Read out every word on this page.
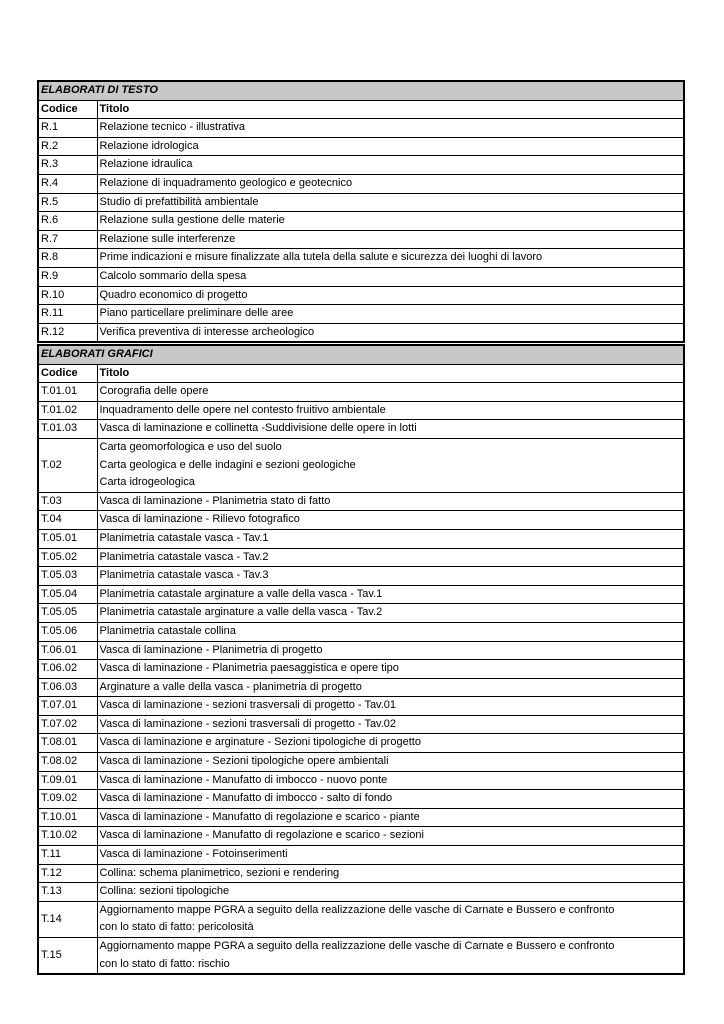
ELABORATI DI TESTO	
Codice	Titolo
R.1	Relazione tecnico - illustrativa
R.2	Relazione idrologica
R.3	Relazione idraulica
R.4	Relazione di inquadramento geologico e geotecnico
R.5	Studio di prefattibilità ambientale
R.6	Relazione sulla gestione delle materie
R.7	Relazione sulle interferenze
R.8	Prime indicazioni e misure finalizzate alla tutela della salute e sicurezza dei luoghi di lavoro
R.9	Calcolo sommario della spesa
R.10	Quadro economico di progetto
R.11	Piano particellare preliminare delle aree
R.12	Verifica preventiva di interesse archeologico
ELABORATI GRAFICI	
Codice	Titolo
T.01.01	Corografia delle opere
T.01.02	Inquadramento delle opere nel contesto fruitivo ambientale
T.01.03	Vasca di laminazione e collinetta -Suddivisione delle opere in lotti
T.02	Carta geomorfologica e uso del suolo
Carta geologica e delle indagini e sezioni geologiche
Carta idrogeologica

T.03	Vasca di laminazione - Planimetria stato di fatto
T.04	Vasca di laminazione - Rilievo fotografico
T.05.01	Planimetria catastale vasca - Tav.1
T.05.02	Planimetria catastale vasca - Tav.2
T.05.03	Planimetria catastale vasca - Tav.3
T.05.04	Planimetria catastale arginature a valle della vasca - Tav.1
T.05.05	Planimetria catastale arginature a valle della vasca - Tav.2
T.05.06	Planimetria catastale collina
T.06.01	Vasca di laminazione - Planimetria di progetto
T.06.02	Vasca di laminazione - Planimetria paesaggistica e opere tipo
T.06.03	Arginature a valle della vasca - planimetria di progetto
T.07.01	Vasca di laminazione - sezioni trasversali di progetto - Tav.01
T.07.02	Vasca di laminazione - sezioni trasversali di progetto - Tav.02
T.08.01	Vasca di laminazione e arginature - Sezioni tipologiche di progetto
T.08.02	Vasca di laminazione - Sezioni tipologiche opere ambientali
T.09.01	Vasca di laminazione - Manufatto di imbocco - nuovo ponte
T.09.02	Vasca di laminazione - Manufatto di imbocco - salto di fondo
T.10.01	Vasca di laminazione - Manufatto di regolazione e scarico - piante
T.10.02	Vasca di laminazione - Manufatto di regolazione e scarico - sezioni
T.11	Vasca di laminazione - Fotoinserimenti
T.12	Collina: schema planimetrico, sezioni e rendering
T.13	Collina: sezioni tipologiche
T.14	Aggiornamento mappe PGRA a seguito della realizzazione delle vasche di Carnate e Bussero e confronto
con lo stato di fatto: pericolosità

T.15	Aggiornamento mappe PGRA a seguito della realizzazione delle vasche di Carnate e Bussero e confronto
con lo stato di fatto: rischio
